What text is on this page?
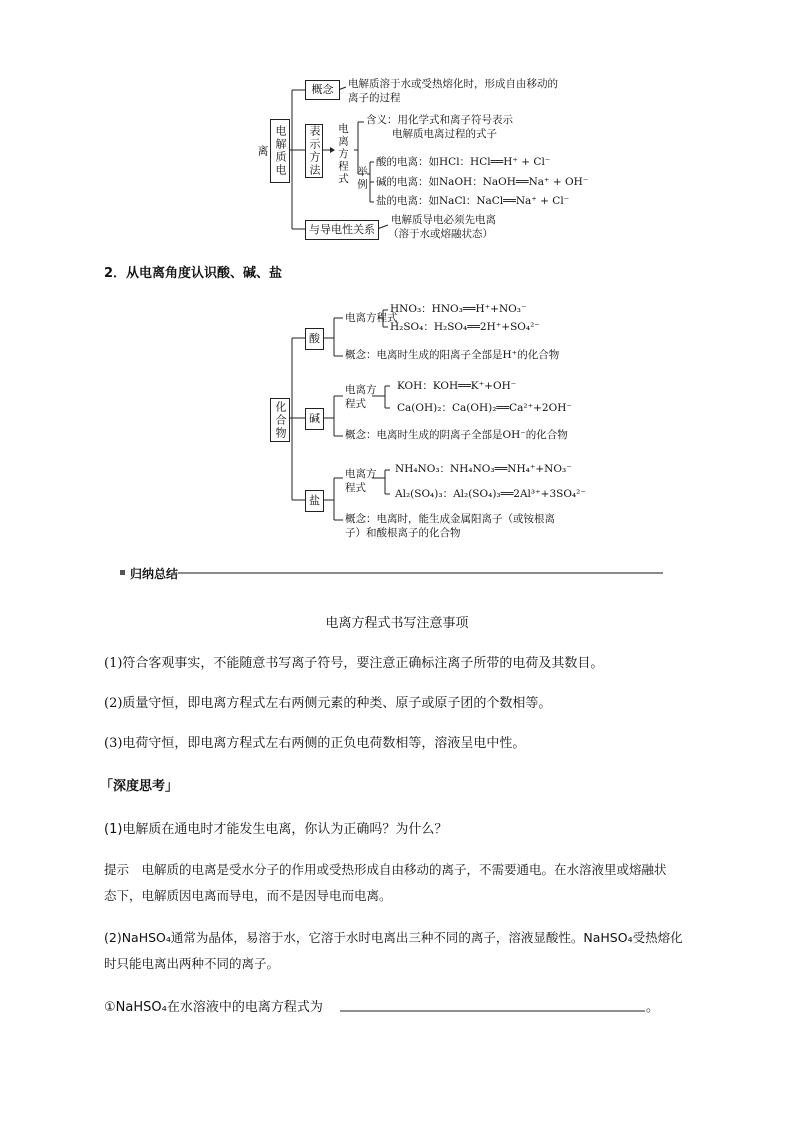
电解质电离
概念	电解质溶于水或受热熔化时，形成自由移动的
离子的过程
表示方法 电离方程式
含义：用化学式和离子符号表示
电解质电离过程的式子
举例
酸的电离：如HCl：HCl══H⁺ + Cl⁻
碱的电离：如NaOH：NaOH══Na⁺ + OH⁻
盐的电离：如NaCl：NaCl══Na⁺ + Cl⁻
与导电性关系
电解质导电必须先电离
（溶于水或熔融状态）
2．从电离角度认识酸、碱、盐
化合物
酸
碱
盐
电离方程式
HNO₃：HNO₃══H⁺+NO₃⁻
H₂SO₄：H₂SO₄══2H⁺+SO₄²⁻
概念：电离时生成的阳离子全部是H⁺的化合物
电离方
程式
KOH：KOH══K⁺+OH⁻
Ca(OH)₂：Ca(OH)₂══Ca²⁺+2OH⁻
概念：电离时生成的阴离子全部是OH⁻的化合物
电离方
程式
NH₄NO₃：NH₄NO₃══NH₄⁺+NO₃⁻
Al₂(SO₄)₃：Al₂(SO₄)₃══2Al³⁺+3SO₄²⁻
概念：电离时，能生成金属阳离子（或铵根离
子）和酸根离子的化合物
归纳总结
电离方程式书写注意事项
(1)符合客观事实，不能随意书写离子符号，要注意正确标注离子所带的电荷及其数目。
(2)质量守恒，即电离方程式左右两侧元素的种类、原子或原子团的个数相等。
(3)电荷守恒，即电离方程式左右两侧的正负电荷数相等，溶液呈电中性。
「深度思考」
(1)电解质在通电时才能发生电离，你认为正确吗？为什么？
提示　电解质的电离是受水分子的作用或受热形成自由移动的离子，不需要通电。在水溶液里或熔融状
态下，电解质因电离而导电，而不是因导电而电离。
(2)NaHSO₄通常为晶体，易溶于水，它溶于水时电离出三种不同的离子，溶液显酸性。NaHSO₄受热熔化
时只能电离出两种不同的离子。
①NaHSO₄在水溶液中的电离方程式为	。
